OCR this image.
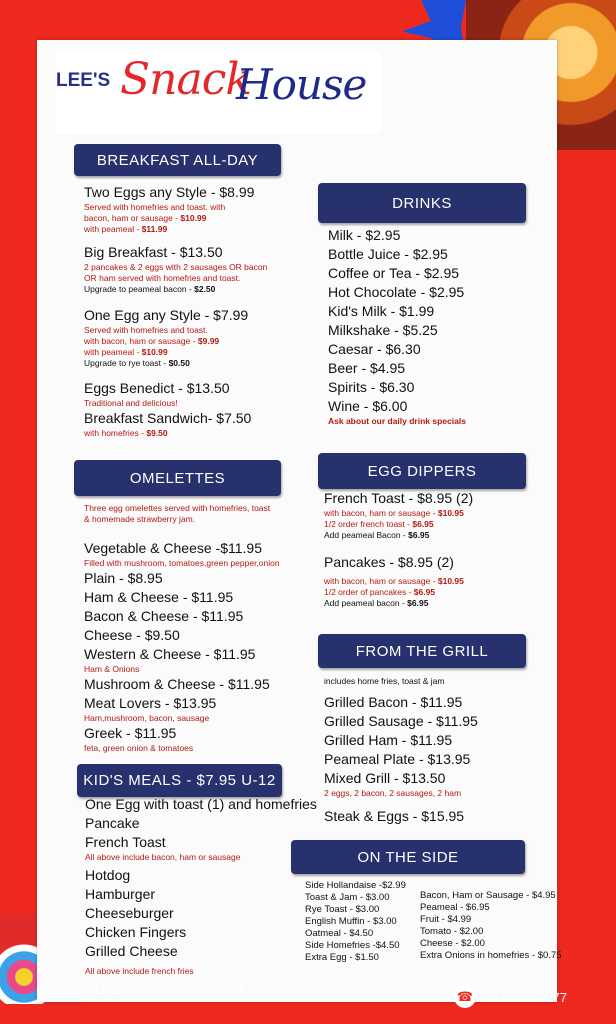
LEE'S Snack
House
BREAKFAST ALL-DAY
Two Eggs any Style - $8.99
Served with homefries and toast. with
bacon, ham or sausage - $10.99
with peameal - $11.99
Big Breakfast - $13.50
2 pancakes & 2 eggs with 2 sausages OR bacon
OR ham served with homefries and toast.
Upgrade to peameal bacon - $2.50
One Egg any Style - $7.99
Served with homefries and toast.
with bacon, ham or sausage - $9.99
with peameal - $10.99
Upgrade to rye toast - $0.50
Eggs Benedict - $13.50
Traditional and delicious!
Breakfast Sandwich- $7.50
with homefries - $9.50
DRINKS
Milk - $2.95
Bottle Juice - $2.95
Coffee or Tea - $2.95
Hot Chocolate - $2.95
Kid's Milk - $1.99
Milkshake - $5.25
Caesar - $6.30
Beer - $4.95
Spirits - $6.30
Wine - $6.00
Ask about our daily drink specials
OMELETTES
Three egg omelettes served with homefries, toast
& homemade strawberry jam.
Vegetable & Cheese -$11.95
Filled with mushroom, tomatoes,green pepper,onion
Plain - $8.95
Ham & Cheese - $11.95
Bacon & Cheese - $11.95
Cheese - $9.50
Western & Cheese - $11.95
Ham & Onions
Mushroom & Cheese - $11.95
Meat Lovers - $13.95
Ham,mushroom, bacon, sausage
Greek - $11.95
feta, green onion & tomatoes
EGG DIPPERS
French Toast - $8.95 (2)
with bacon, ham or sausage - $10.95
1/2 order french toast - $6.95
Add peameal Bacon - $6.95
Pancakes - $8.95 (2)
with bacon, ham or sausage - $10.95
1/2 order of pancakes - $6.95
Add peameal bacon - $6.95
FROM THE GRILL
includes home fries, toast & jam
Grilled Bacon - $11.95
Grilled Sausage - $11.95
Grilled Ham - $11.95
Peameal Plate - $13.95
Mixed Grill - $13.50
2 eggs, 2 bacon, 2 sausages, 2 ham
Steak & Eggs - $15.95
KID'S MEALS - $7.95 U-12
One Egg with toast (1) and homefries
Pancake
French Toast
All above include bacon, ham or sausage
Hotdog
Hamburger
Cheeseburger
Chicken Fingers
Grilled Cheese
All above include french fries
ON THE SIDE
Side Hollandaise -$2.99
Toast & Jam - $3.00
Rye Toast - $3.00
English Muffin - $3.00
Oatmeal - $4.50
Side Homefries -$4.50
Extra Egg - $1.50
Bacon, Ham or Sausage - $4.95
Peameal - $6.95
Fruit - $4.99
Tomato - $2.00
Cheese - $2.00
Extra Onions in homefries - $0.75
Scanned with CamScanner	☎ 519-344-2777
